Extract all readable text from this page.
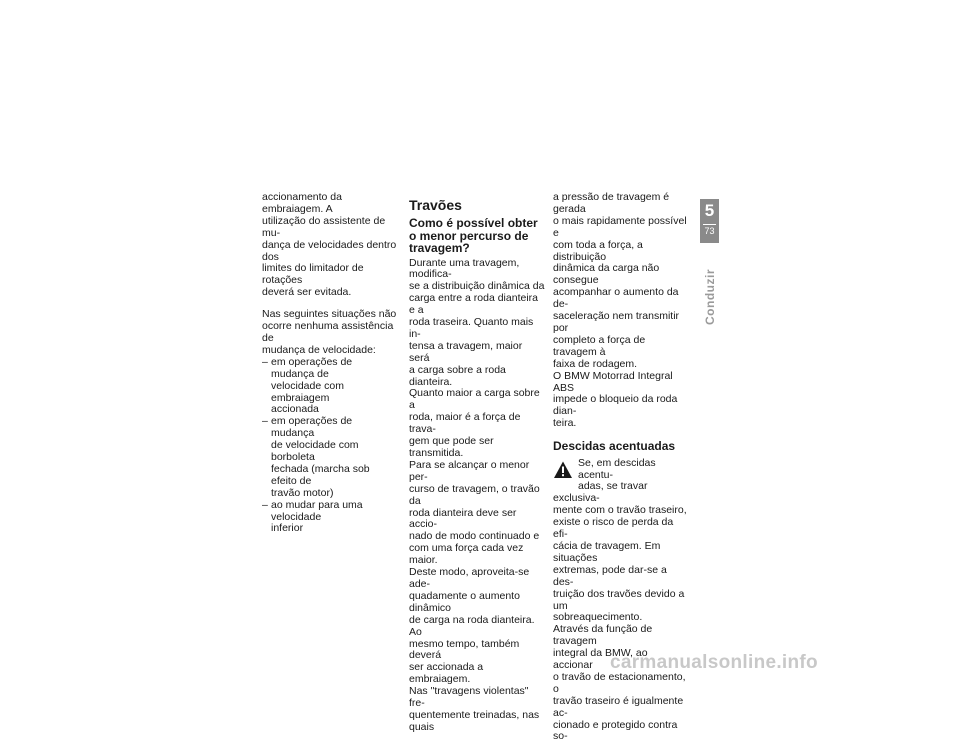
accionamento da embraiagem. A
utilização do assistente de mu-
dança de velocidades dentro dos
limites do limitador de rotações
deverá ser evitada.
Nas seguintes situações não
ocorre nenhuma assistência de
mudança de velocidade:
– em operações de mudança de
velocidade com embraiagem
accionada
– em operações de mudança
de velocidade com borboleta
fechada (marcha sob efeito de
travão motor)
– ao mudar para uma velocidade
inferior
Travões
Como é possível obter
o menor percurso de
travagem?
Durante uma travagem, modifica-
se a distribuição dinâmica da
carga entre a roda dianteira e a
roda traseira. Quanto mais in-
tensa a travagem, maior será
a carga sobre a roda dianteira.
Quanto maior a carga sobre a
roda, maior é a força de trava-
gem que pode ser transmitida.
Para se alcançar o menor per-
curso de travagem, o travão da
roda dianteira deve ser accio-
nado de modo continuado e
com uma força cada vez maior.
Deste modo, aproveita-se ade-
quadamente o aumento dinâmico
de carga na roda dianteira. Ao
mesmo tempo, também deverá
ser accionada a embraiagem.
Nas "travagens violentas" fre-
quentemente treinadas, nas quais
a pressão de travagem é gerada
o mais rapidamente possível e
com toda a força, a distribuição
dinâmica da carga não consegue
acompanhar o aumento da de-
saceleração nem transmitir por
completo a força de travagem à
faixa de rodagem.
O BMW Motorrad Integral ABS
impede o bloqueio da roda dian-
teira.
Descidas acentuadas
Se, em descidas acentu-
adas, se travar exclusiva-
mente com o travão traseiro,
existe o risco de perda da efi-
cácia de travagem. Em situações
extremas, pode dar-se a des-
truição dos travões devido a um
sobreaquecimento.
Através da função de travagem
integral da BMW, ao accionar
o travão de estacionamento, o
travão traseiro é igualmente ac-
cionado e protegido contra so-
5
73
Conduzir
carmanualsonline.info
